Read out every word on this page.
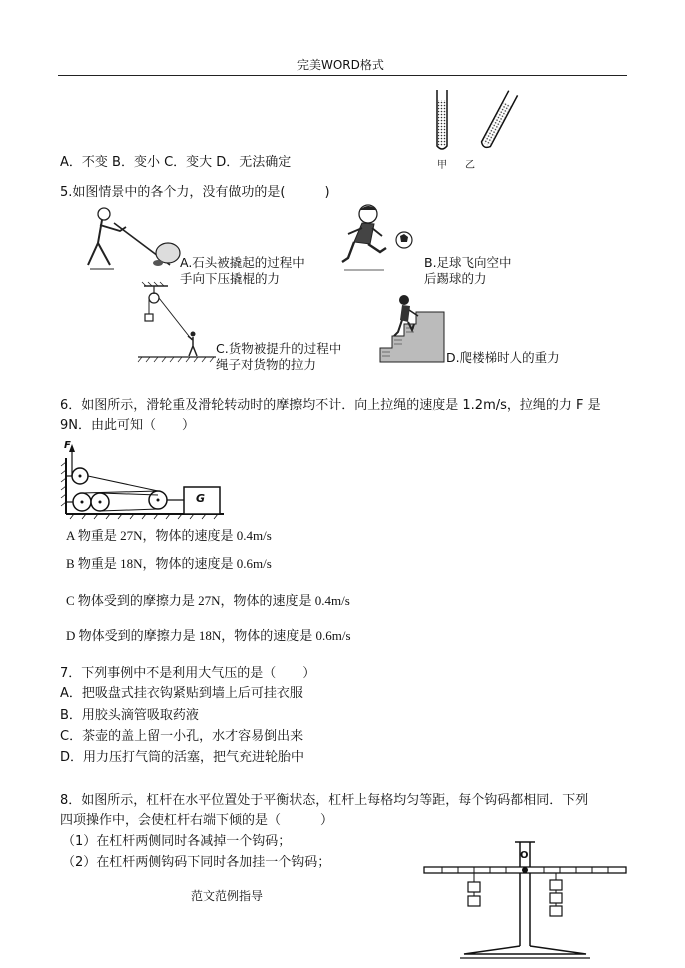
完美WORD格式
甲 乙
A．不变 B．变小 C．变大 D．无法确定
5.如图情景中的各个力，没有做功的是(　　　)
A.石头被撬起的过程中
手向下压撬棍的力
B.足球飞向空中
后踢球的力
C.货物被提升的过程中
绳子对货物的拉力	D.爬楼梯时人的重力
6．如图所示，滑轮重及滑轮转动时的摩擦均不计．向上拉绳的速度是 1.2m/s，拉绳的力 F 是
9N．由此可知（　　）
F
G
A 物重是 27N，物体的速度是 0.4m/s
B 物重是 18N，物体的速度是 0.6m/s
C 物体受到的摩擦力是 27N，物体的速度是 0.4m/s
D 物体受到的摩擦力是 18N，物体的速度是 0.6m/s
7．下列事例中不是利用大气压的是（　　）
A．把吸盘式挂衣钩紧贴到墙上后可挂衣服
B．用胶头滴管吸取药液
C．茶壶的盖上留一小孔，水才容易倒出来
D．用力压打气筒的活塞，把气充进轮胎中
8．如图所示，杠杆在水平位置处于平衡状态，杠杆上每格均匀等距，每个钩码都相同．下列
四项操作中，会使杠杆右端下倾的是（　　　）
（1）在杠杆两侧同时各减掉一个钩码；
（2）在杠杆两侧钩码下同时各加挂一个钩码；	O
范文范例指导
